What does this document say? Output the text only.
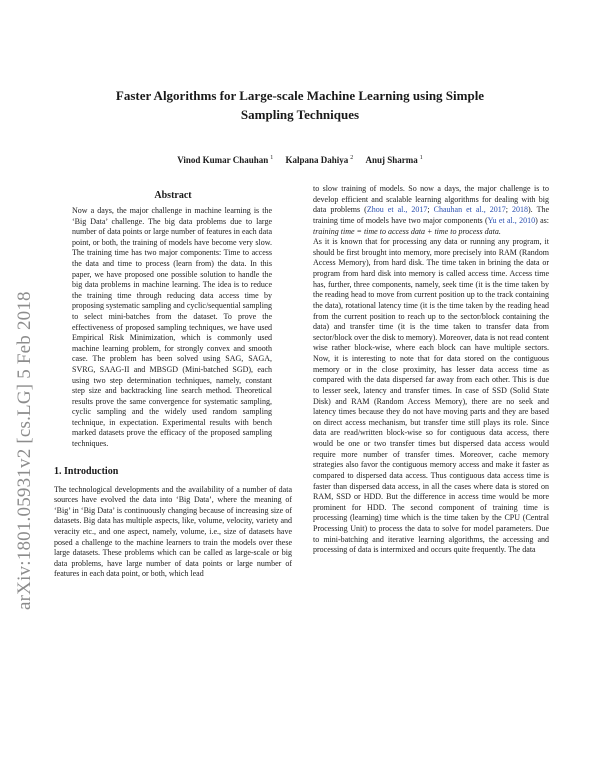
arXiv:1801.05931v2 [cs.LG] 5 Feb 2018
Faster Algorithms for Large-scale Machine Learning using Simple Sampling Techniques
Vinod Kumar Chauhan $^1$ Kalpana Dahiya $^2$ Anuj Sharma $^1$
Abstract
Now a days, the major challenge in machine learning is the ‘Big Data’ challenge. The big data problems due to large number of data points or large number of features in each data point, or both, the training of models have become very slow. The training time has two major components: Time to access the data and time to process (learn from) the data. In this paper, we have proposed one possible solution to handle the big data problems in machine learning. The idea is to reduce the training time through reducing data access time by proposing systematic sampling and cyclic/sequential sampling to select mini-batches from the dataset. To prove the effectiveness of proposed sampling techniques, we have used Empirical Risk Minimization, which is commonly used machine learning problem, for strongly convex and smooth case. The problem has been solved using SAG, SAGA, SVRG, SAAG-II and MBSGD (Mini-batched SGD), each using two step determination techniques, namely, constant step size and backtracking line search method. Theoretical results prove the same convergence for systematic sampling, cyclic sampling and the widely used random sampling technique, in expectation. Experimental results with bench marked datasets prove the efficacy of the proposed sampling techniques.
1. Introduction
The technological developments and the availability of a number of data sources have evolved the data into ‘Big Data’, where the meaning of ‘Big’ in ‘Big Data’ is continuously changing because of increasing size of datasets. Big data has multiple aspects, like, volume, velocity, variety and veracity etc., and one aspect, namely, volume, i.e., size of datasets have posed a challenge to the machine learners to train the models over these large datasets. These problems which can be called as large-scale or big data problems, have large number of data points or large number of features in each data point, or both, which lead
to slow training of models. So now a days, the major challenge is to develop efficient and scalable learning algorithms for dealing with big data problems (Zhou et al., 2017; Chauhan et al., 2017; 2018). The training time of models have two major components (Yu et al., 2010) as: training time = time to access data + time to process data.
As it is known that for processing any data or running any program, it should be first brought into memory, more precisely into RAM (Random Access Memory), from hard disk. The time taken in brining the data or program from hard disk into memory is called access time. Access time has, further, three components, namely, seek time (it is the time taken by the reading head to move from current position up to the track containing the data), rotational latency time (it is the time taken by the reading head from the current position to reach up to the sector/block containing the data) and transfer time (it is the time taken to transfer data from sector/block over the disk to memory). Moreover, data is not read content wise rather block-wise, where each block can have multiple sectors. Now, it is interesting to note that for data stored on the contiguous memory or in the close proximity, has lesser data access time as compared with the data dispersed far away from each other. This is due to lesser seek, latency and transfer times. In case of SSD (Solid State Disk) and RAM (Random Access Memory), there are no seek and latency times because they do not have moving parts and they are based on direct access mechanism, but transfer time still plays its role. Since data are read/written block-wise so for contiguous data access, there would be one or two transfer times but dispersed data access would require more number of transfer times. Moreover, cache memory strategies also favor the contiguous memory access and make it faster as compared to dispersed data access. Thus contiguous data access time is faster than dispersed data access, in all the cases where data is stored on RAM, SSD or HDD. But the difference in access time would be more prominent for HDD. The second component of training time is processing (learning) time which is the time taken by the CPU (Central Processing Unit) to process the data to solve for model parameters. Due to mini-batching and iterative learning algorithms, the accessing and processing of data is intermixed and occurs quite frequently. The data
